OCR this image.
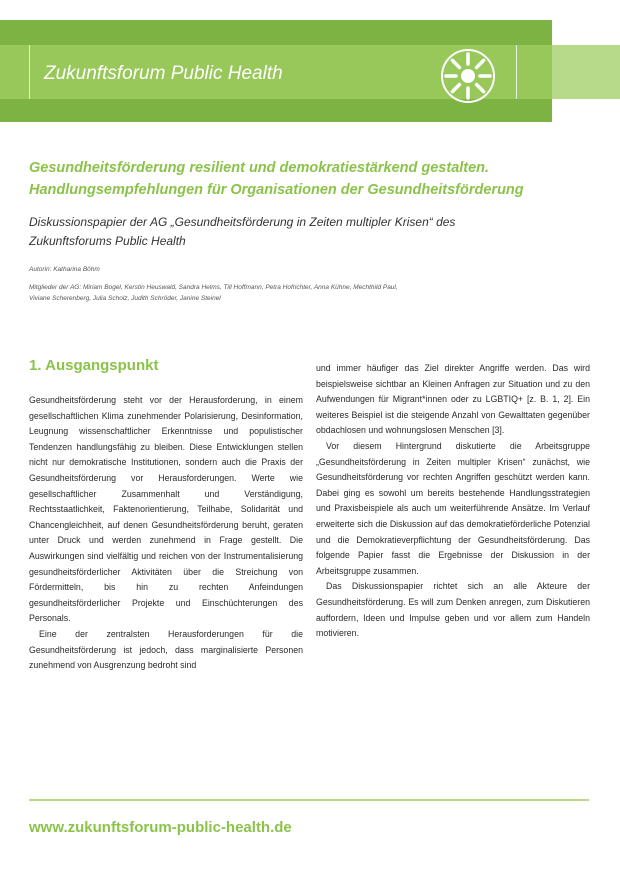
Zukunftsforum Public Health
Gesundheitsförderung resilient und demokratiestärkend gestalten.
Handlungsempfehlungen für Organisationen der Gesundheitsförderung

Diskussionspapier der AG „Gesundheitsförderung in Zeiten multipler Krisen“ des
Zukunftsforums Public Health

Autorin: Katharina Böhm
Mitglieder der AG: Miriam Bogel, Kerstin Heuswald, Sandra Helms, Till Hoffmann, Petra Hofrichter, Anna Kühne, Mechthild Paul,
Viviane Scherenberg, Julia Scholz, Judith Schröder, Janine Steinel
1. Ausgangspunkt

Gesundheitsförderung steht vor der Herausforderung, in einem gesellschaftlichen Klima zunehmender Polarisierung, Desinformation, Leugnung wissenschaftlicher Erkenntnisse und populistischer Tendenzen handlungsfähig zu bleiben. Diese Entwicklungen stellen nicht nur demokratische Institutionen, sondern auch die Praxis der Gesundheitsförderung vor Herausforderungen. Werte wie gesellschaftlicher Zusammenhalt und Verständigung, Rechtsstaatlichkeit, Faktenorientierung, Teilhabe, Solidarität und Chancengleichheit, auf denen Gesundheitsförderung beruht, geraten unter Druck und werden zunehmend in Frage gestellt. Die Auswirkungen sind vielfältig und reichen von der Instrumentalisierung gesundheitsförderlicher Aktivitäten über die Streichung von Fördermitteln, bis hin zu rechten Anfeindungen gesundheitsförderlicher Projekte und Einschüchterungen des Personals.

Eine der zentralsten Herausforderungen für die Gesundheitsförderung ist jedoch, dass marginalisierte Personen zunehmend von Ausgrenzung bedroht sind

und immer häufiger das Ziel direkter Angriffe werden. Das wird beispielsweise sichtbar an Kleinen Anfragen zur Situation und zu den Aufwendungen für Migrant*innen oder zu LGBTIQ+ [z. B. 1, 2]. Ein weiteres Beispiel ist die steigende Anzahl von Gewalttaten gegenüber obdachlosen und wohnungslosen Menschen [3].

Vor diesem Hintergrund diskutierte die Arbeitsgruppe „Gesundheitsförderung in Zeiten multipler Krisen“ zunächst, wie Gesundheitsförderung vor rechten Angriffen geschützt werden kann. Dabei ging es sowohl um bereits bestehende Handlungsstrategien und Praxisbeispiele als auch um weiterführende Ansätze. Im Verlauf erweiterte sich die Diskussion auf das demokratieförderliche Potenzial und die Demokratieverpflichtung der Gesundheitsförderung. Das folgende Papier fasst die Ergebnisse der Diskussion in der Arbeitsgruppe zusammen.

Das Diskussionspapier richtet sich an alle Akteure der Gesundheitsförderung. Es will zum Denken anregen, zum Diskutieren auffordern, Ideen und Impulse geben und vor allem zum Handeln motivieren.

www.zukunftsforum-public-health.de
